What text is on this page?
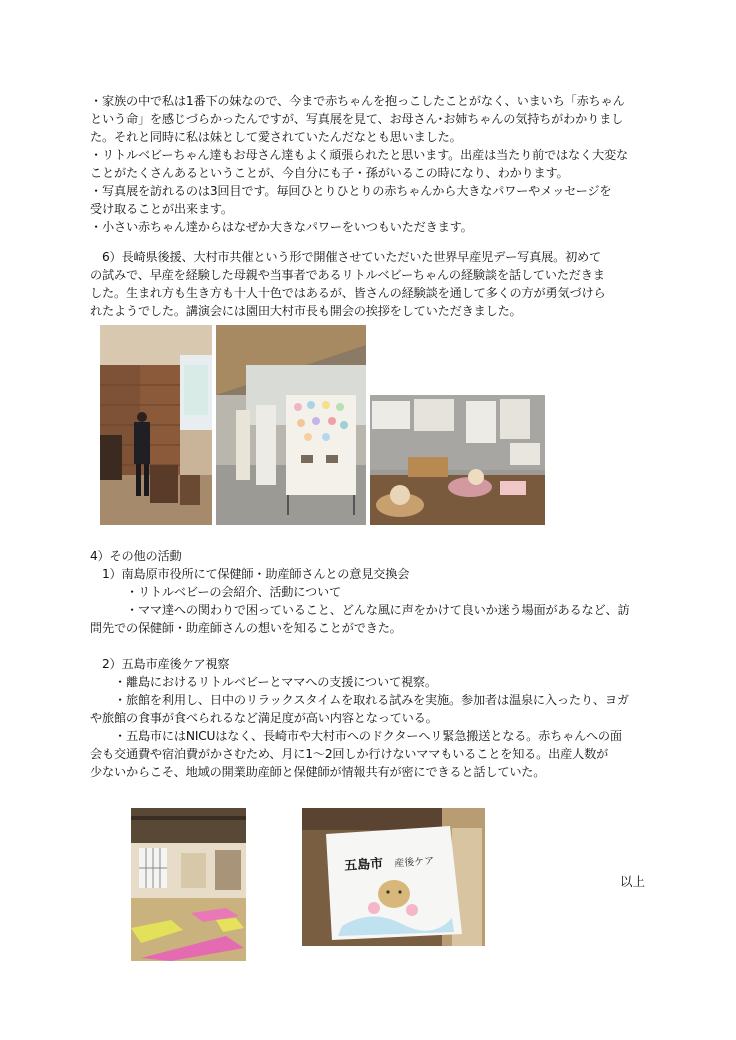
・家族の中で私は1番下の妹なので、今まで赤ちゃんを抱っこしたことがなく、いまいち「赤ちゃん
という命」を感じづらかったんですが、写真展を見て、お母さん･お姉ちゃんの気持ちがわかりまし
た。それと同時に私は妹として愛されていたんだなとも思いました。
・リトルベビーちゃん達もお母さん達もよく頑張られたと思います。出産は当たり前ではなく大変な
ことがたくさんあるということが、今自分にも子・孫がいるこの時になり、わかります。
・写真展を訪れるのは3回目です。毎回ひとりひとりの赤ちゃんから大きなパワーやメッセージを
受け取ることが出来ます。
・小さい赤ちゃん達からはなぜか大きなパワーをいつもいただきます。
　6）長崎県後援、大村市共催という形で開催させていただいた世界早産児デー写真展。初めて
の試みで、早産を経験した母親や当事者であるリトルベビーちゃんの経験談を話していただきま
した。生まれ方も生き方も十人十色ではあるが、皆さんの経験談を通して多くの方が勇気づけら
れたようでした。講演会には園田大村市長も開会の挨拶をしていただきました。
4）その他の活動
　1）南島原市役所にて保健師・助産師さんとの意見交換会
　　　・リトルベビーの会紹介、活動について
　　　・ママ達への関わりで困っていること、どんな風に声をかけて良いか迷う場面があるなど、訪
問先での保健師・助産師さんの想いを知ることができた。
　2）五島市産後ケア視察
　　・離島におけるリトルベビーとママへの支援について視察。
　　・旅館を利用し、日中のリラックスタイムを取れる試みを実施。参加者は温泉に入ったり、ヨガ
や旅館の食事が食べられるなど満足度が高い内容となっている。
　　・五島市にはNICUはなく、長崎市や大村市へのドクターヘリ緊急搬送となる。赤ちゃんへの面
会も交通費や宿泊費がかさむため、月に1～2回しか行けないママもいることを知る。出産人数が
少ないからこそ、地域の開業助産師と保健師が情報共有が密にできると話していた。
五島市 産後ケア
以上
